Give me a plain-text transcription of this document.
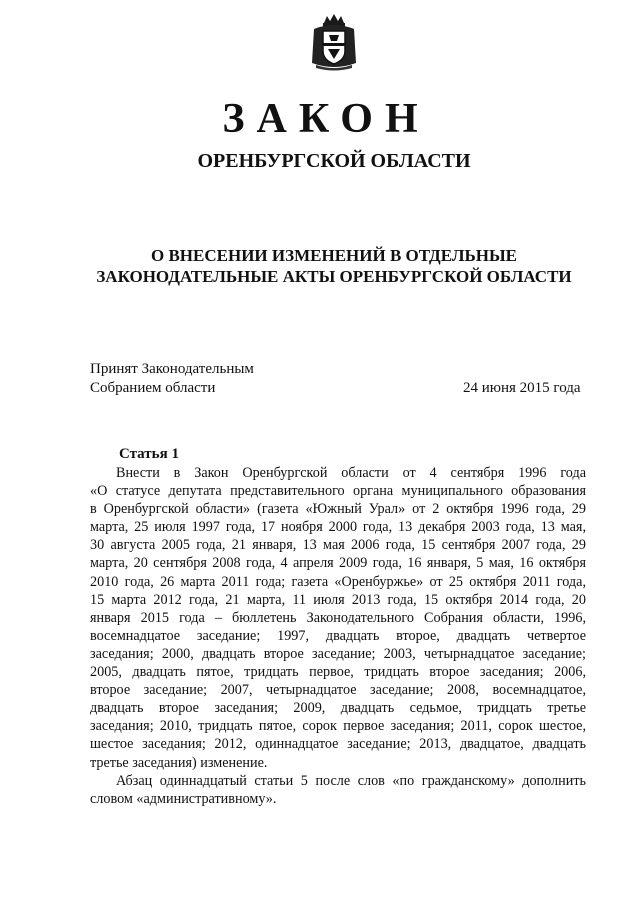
ЗАКОН
ОРЕНБУРГСКОЙ ОБЛАСТИ
О ВНЕСЕНИИ ИЗМЕНЕНИЙ В ОТДЕЛЬНЫЕ
ЗАКОНОДАТЕЛЬНЫЕ АКТЫ ОРЕНБУРГСКОЙ ОБЛАСТИ
Принят Законодательным
Собранием области	24 июня 2015 года
Статья 1
Внести в Закон Оренбургской области от 4 сентября 1996 года
«О статусе депутата представительного органа муниципального образования
в Оренбургской области» (газета «Южный Урал» от 2 октября 1996 года, 29
марта, 25 июля 1997 года, 17 ноября 2000 года, 13 декабря 2003 года, 13 мая,
30 августа 2005 года, 21 января, 13 мая 2006 года, 15 сентября 2007 года, 29
марта, 20 сентября 2008 года, 4 апреля 2009 года, 16 января, 5 мая, 16 октября
2010 года, 26 марта 2011 года; газета «Оренбуржье» от 25 октября 2011 года,
15 марта 2012 года, 21 марта, 11 июля 2013 года, 15 октября 2014 года, 20
января 2015 года – бюллетень Законодательного Собрания области, 1996,
восемнадцатое заседание; 1997, двадцать второе, двадцать четвертое
заседания; 2000, двадцать второе заседание; 2003, четырнадцатое заседание;
2005, двадцать пятое, тридцать первое, тридцать второе заседания; 2006,
второе заседание; 2007, четырнадцатое заседание; 2008, восемнадцатое,
двадцать второе заседания; 2009, двадцать седьмое, тридцать третье
заседания; 2010, тридцать пятое, сорок первое заседания; 2011, сорок шестое,
шестое заседания; 2012, одиннадцатое заседание; 2013, двадцатое, двадцать
третье заседания) изменение.
Абзац одиннадцатый статьи 5 после слов «по гражданскому» дополнить
словом «административному».
